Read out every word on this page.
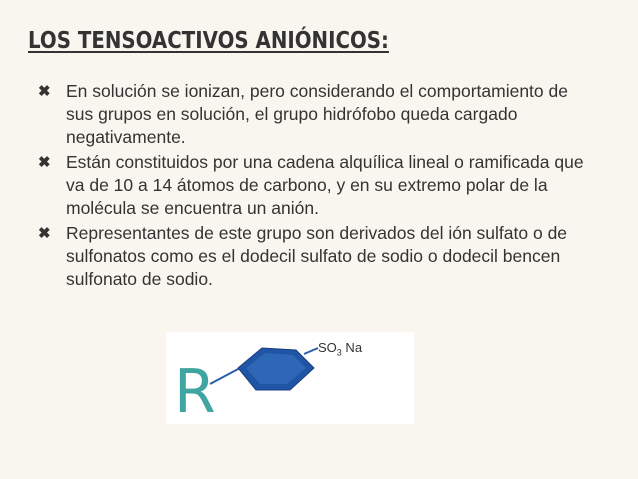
LOS TENSOACTIVOS ANIÓNICOS:
✖ En solución se ionizan, pero considerando el comportamiento de sus grupos en solución, el grupo hidrófobo queda cargado negativamente.
✖ Están constituidos por una cadena alquílica lineal o ramificada que va de 10 a 14 átomos de carbono, y en su extremo polar de la molécula se encuentra un anión.
✖ Representantes de este grupo son derivados del ión sulfato o de sulfonatos como es el dodecil sulfato de sodio o dodecil bencen sulfonato de sodio.
R
$SO_3$ Na
